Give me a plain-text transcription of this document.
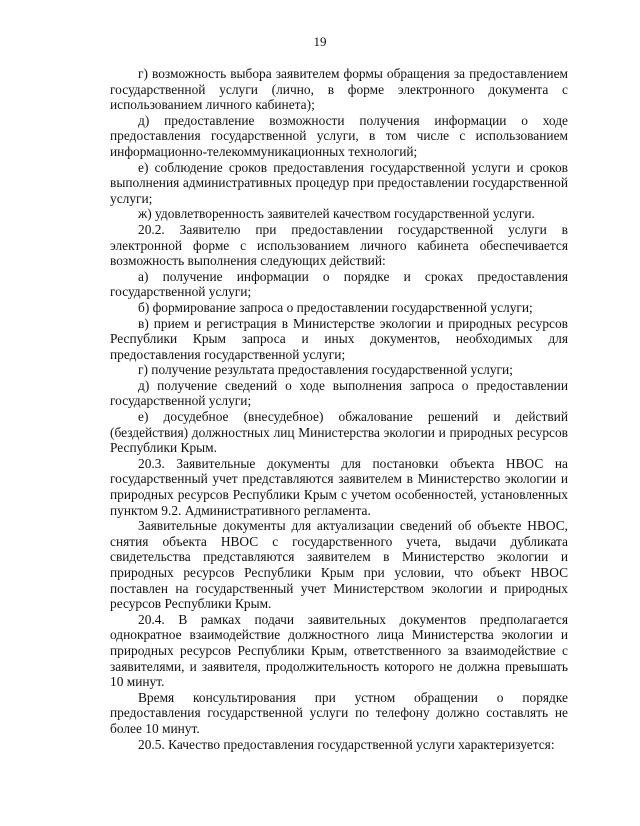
19

г) возможность выбора заявителем формы обращения за предоставлением государственной услуги (лично, в форме электронного документа с использованием личного кабинета);

д) предоставление возможности получения информации о ходе предоставления государственной услуги, в том числе с использованием информационно-телекоммуникационных технологий;

е) соблюдение сроков предоставления государственной услуги и сроков выполнения административных процедур при предоставлении государственной услуги;

ж) удовлетворенность заявителей качеством государственной услуги.

20.2. Заявителю при предоставлении государственной услуги в электронной форме с использованием личного кабинета обеспечивается возможность выполнения следующих действий:

а) получение информации о порядке и сроках предоставления государственной услуги;

б) формирование запроса о предоставлении государственной услуги;

в) прием и регистрация в Министерстве экологии и природных ресурсов Республики Крым запроса и иных документов, необходимых для предоставления государственной услуги;

г) получение результата предоставления государственной услуги;

д) получение сведений о ходе выполнения запроса о предоставлении государственной услуги;

е) досудебное (внесудебное) обжалование решений и действий (бездействия) должностных лиц Министерства экологии и природных ресурсов Республики Крым.

20.3. Заявительные документы для постановки объекта НВОС на государственный учет представляются заявителем в Министерство экологии и природных ресурсов Республики Крым с учетом особенностей, установленных пунктом 9.2. Административного регламента.

Заявительные документы для актуализации сведений об объекте НВОС, снятия объекта НВОС с государственного учета, выдачи дубликата свидетельства представляются заявителем в Министерство экологии и природных ресурсов Республики Крым при условии, что объект НВОС поставлен на государственный учет Министерством экологии и природных ресурсов Республики Крым.

20.4. В рамках подачи заявительных документов предполагается однократное взаимодействие должностного лица Министерства экологии и природных ресурсов Республики Крым, ответственного за взаимодействие с заявителями, и заявителя, продолжительность которого не должна превышать 10 минут.

Время консультирования при устном обращении о порядке предоставления государственной услуги по телефону должно составлять не более 10 минут.

20.5. Качество предоставления государственной услуги характеризуется:
